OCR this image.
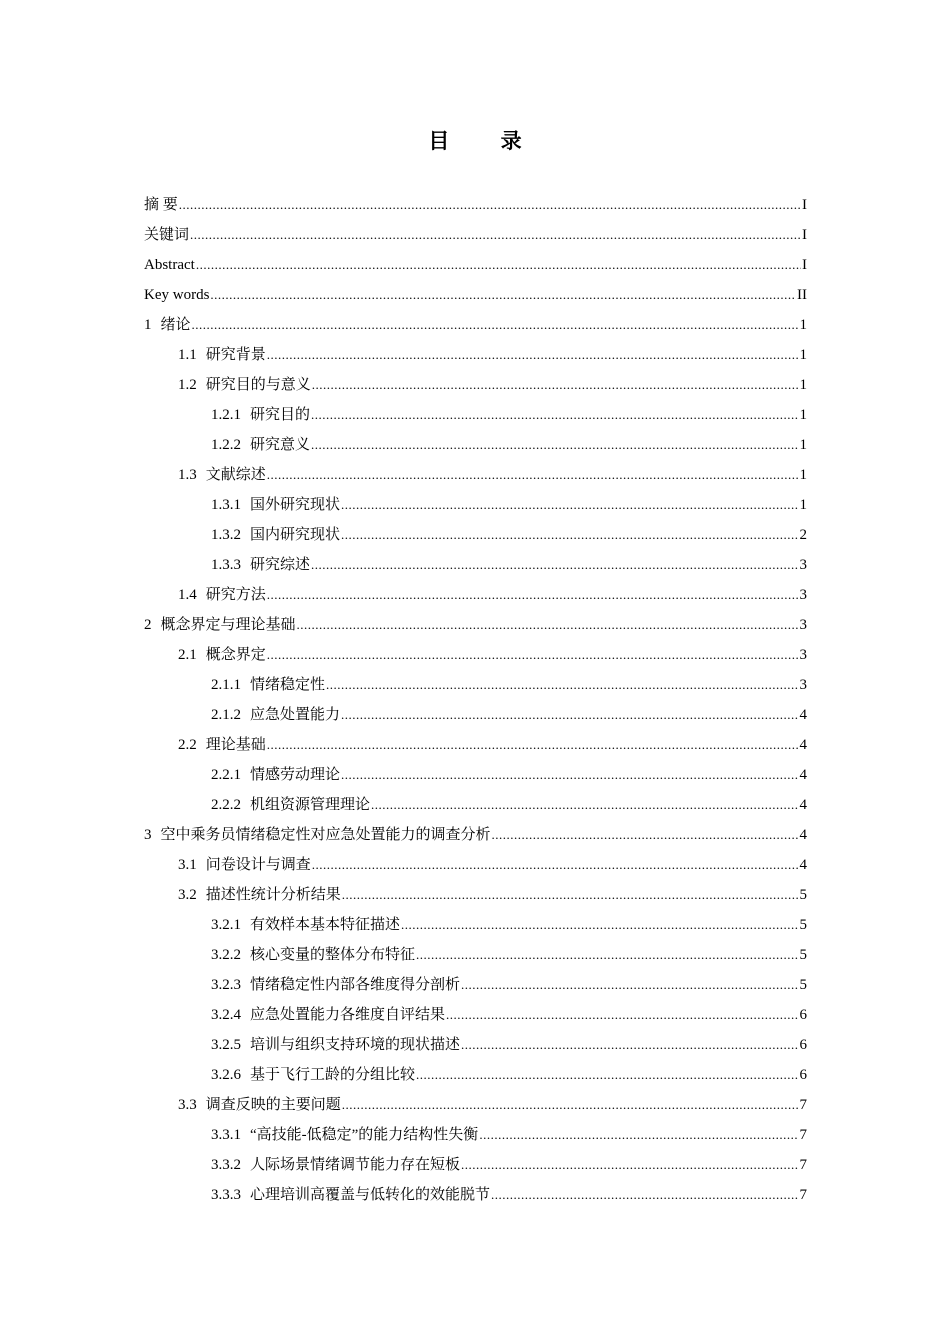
目 录
摘 要 .....	I
关键词 .....	I
Abstract .....	I
Key words .....	II
1 绪论 .....	1
1.1 研究背景 .....	1
1.2 研究目的与意义 .....	1
1.2.1 研究目的 .....	1
1.2.2 研究意义 .....	1
1.3 文献综述 .....	1
1.3.1 国外研究现状 .....	1
1.3.2 国内研究现状 .....	2
1.3.3 研究综述 .....	3
1.4 研究方法 .....	3
2 概念界定与理论基础 .....	3
2.1 概念界定 .....	3
2.1.1 情绪稳定性 .....	3
2.1.2 应急处置能力 .....	4
2.2 理论基础 .....	4
2.2.1 情感劳动理论 .....	4
2.2.2 机组资源管理理论 .....	4
3 空中乘务员情绪稳定性对应急处置能力的调查分析 .....	4
3.1 问卷设计与调查 .....	4
3.2 描述性统计分析结果 .....	5
3.2.1 有效样本基本特征描述 .....	5
3.2.2 核心变量的整体分布特征 .....	5
3.2.3 情绪稳定性内部各维度得分剖析 .....	5
3.2.4 应急处置能力各维度自评结果 .....	6
3.2.5 培训与组织支持环境的现状描述 .....	6
3.2.6 基于飞行工龄的分组比较 .....	6
3.3 调查反映的主要问题 .....	7
3.3.1 “高技能-低稳定”的能力结构性失衡 .....	7
3.3.2 人际场景情绪调节能力存在短板 .....	7
3.3.3 心理培训高覆盖与低转化的效能脱节 .....	7
